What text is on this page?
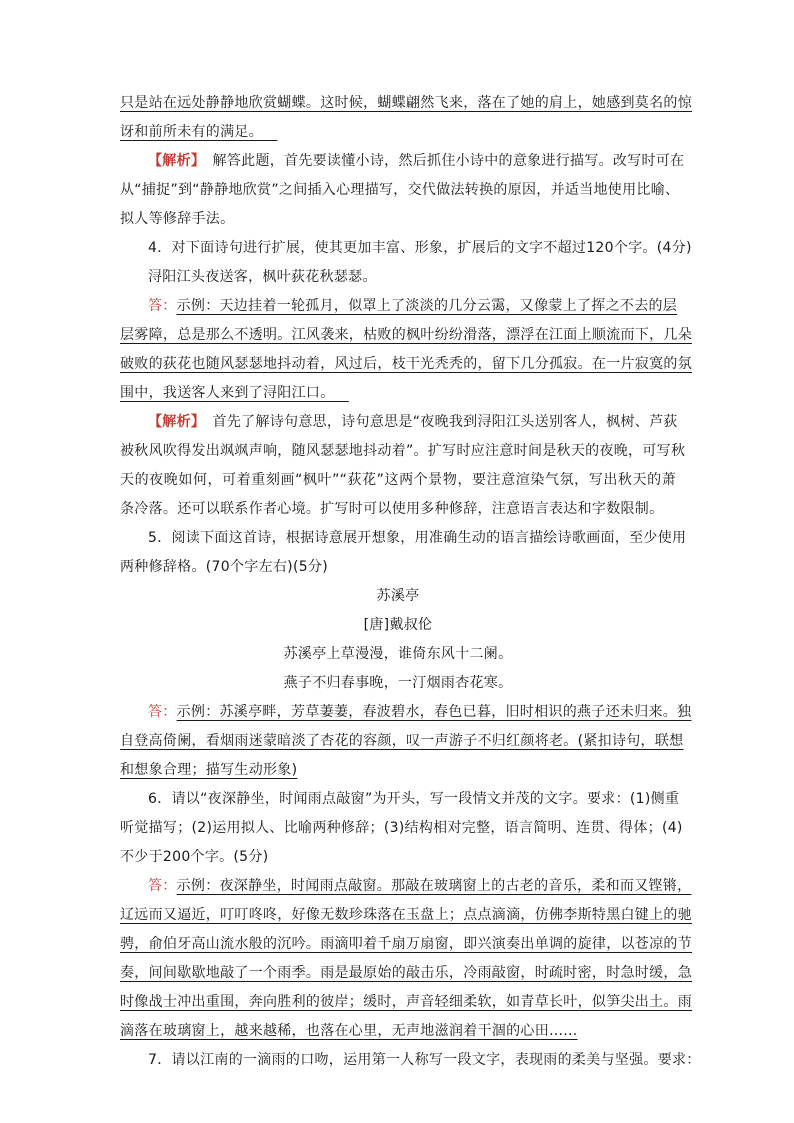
只是站在远处静静地欣赏蝴蝶。这时候，蝴蝶翩然飞来，落在了她的肩上，她感到莫名的惊
讶和前所未有的满足。 
【解析】  解答此题，首先要读懂小诗，然后抓住小诗中的意象进行描写。改写时可在
从“捕捉”到“静静地欣赏”之间插入心理描写，交代做法转换的原因，并适当地使用比喻、
拟人等修辞手法。
4．对下面诗句进行扩展，使其更加丰富、形象，扩展后的文字不超过120个字。(4分)
浔阳江头夜送客，枫叶荻花秋瑟瑟。
答：示例：天边挂着一轮孤月，似罩上了淡淡的几分云霭，又像蒙上了挥之不去的层
层雾障，总是那么不透明。江风袭来，枯败的枫叶纷纷滑落，漂浮在江面上顺流而下，几朵
破败的荻花也随风瑟瑟地抖动着，风过后，枝干光秃秃的，留下几分孤寂。在一片寂寞的氛
围中，我送客人来到了浔阳江口。 
【解析】  首先了解诗句意思，诗句意思是“夜晚我到浔阳江头送别客人，枫树、芦荻
被秋风吹得发出飒飒声响，随风瑟瑟地抖动着”。扩写时应注意时间是秋天的夜晚，可写秋
天的夜晚如何，可着重刻画“枫叶”“荻花”这两个景物，要注意渲染气氛，写出秋天的萧
条冷落。还可以联系作者心境。扩写时可以使用多种修辞，注意语言表达和字数限制。
5．阅读下面这首诗，根据诗意展开想象，用准确生动的语言描绘诗歌画面，至少使用
两种修辞格。(70个字左右)(5分)
苏溪亭
[唐]戴叔伦
苏溪亭上草漫漫，谁倚东风十二阑。
燕子不归春事晚，一汀烟雨杏花寒。
答：示例：苏溪亭畔，芳草萋萋，春波碧水，春色已暮，旧时相识的燕子还未归来。独
自登高倚阑，看烟雨迷蒙暗淡了杏花的容颜，叹一声游子不归红颜将老。(紧扣诗句，联想
和想象合理；描写生动形象)
6．请以“夜深静坐，时闻雨点敲窗”为开头，写一段情文并茂的文字。要求：(1)侧重
听觉描写；(2)运用拟人、比喻两种修辞；(3)结构相对完整，语言简明、连贯、得体；(4)
不少于200个字。(5分)
答：示例：夜深静坐，时闻雨点敲窗。那敲在玻璃窗上的古老的音乐，柔和而又铿锵，
辽远而又逼近，叮叮咚咚，好像无数珍珠落在玉盘上；点点滴滴，仿佛李斯特黑白键上的驰
骋，俞伯牙高山流水般的沉吟。雨滴叩着千扇万扇窗，即兴演奏出单调的旋律，以苍凉的节
奏，间间歇歇地敲了一个雨季。雨是最原始的敲击乐，冷雨敲窗，时疏时密，时急时缓，急
时像战士冲出重围，奔向胜利的彼岸；缓时，声音轻细柔软，如青草长叶，似笋尖出土。雨
滴落在玻璃窗上，越来越稀，也落在心里，无声地滋润着干涸的心田……
7．请以江南的一滴雨的口吻，运用第一人称写一段文字，表现雨的柔美与坚强。要求：
